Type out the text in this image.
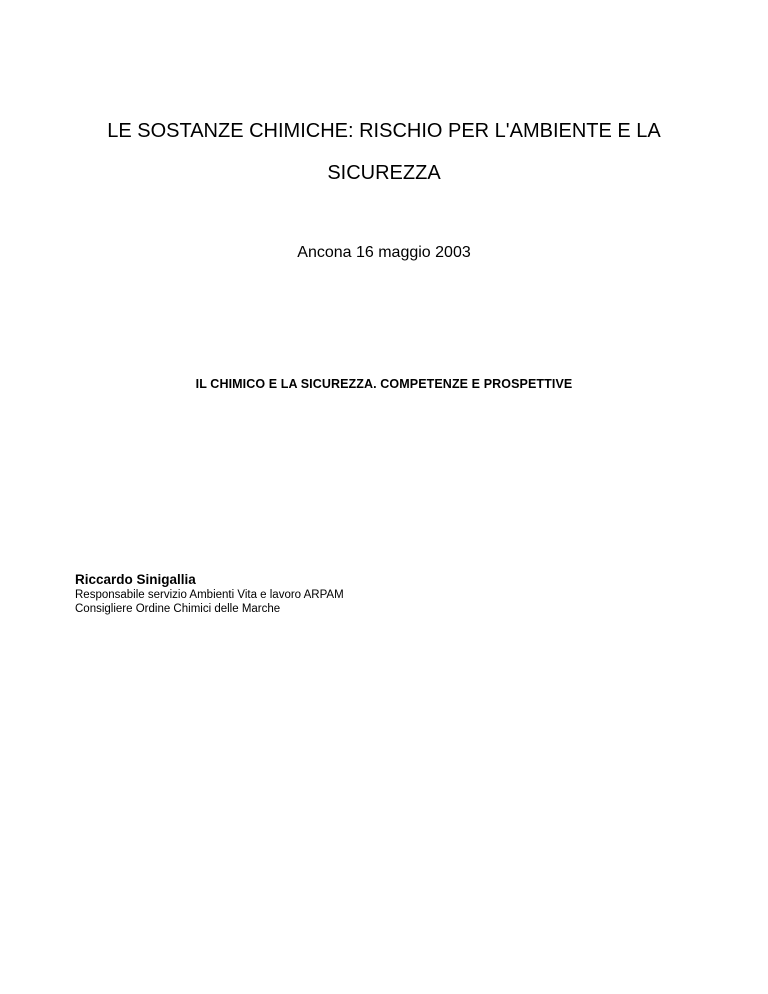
LE SOSTANZE CHIMICHE: RISCHIO PER L'AMBIENTE E LA
SICUREZZA
Ancona 16 maggio 2003
IL CHIMICO E LA SICUREZZA. COMPETENZE E PROSPETTIVE
Riccardo Sinigallia
Responsabile servizio Ambienti Vita e lavoro ARPAM
Consigliere Ordine Chimici delle Marche
